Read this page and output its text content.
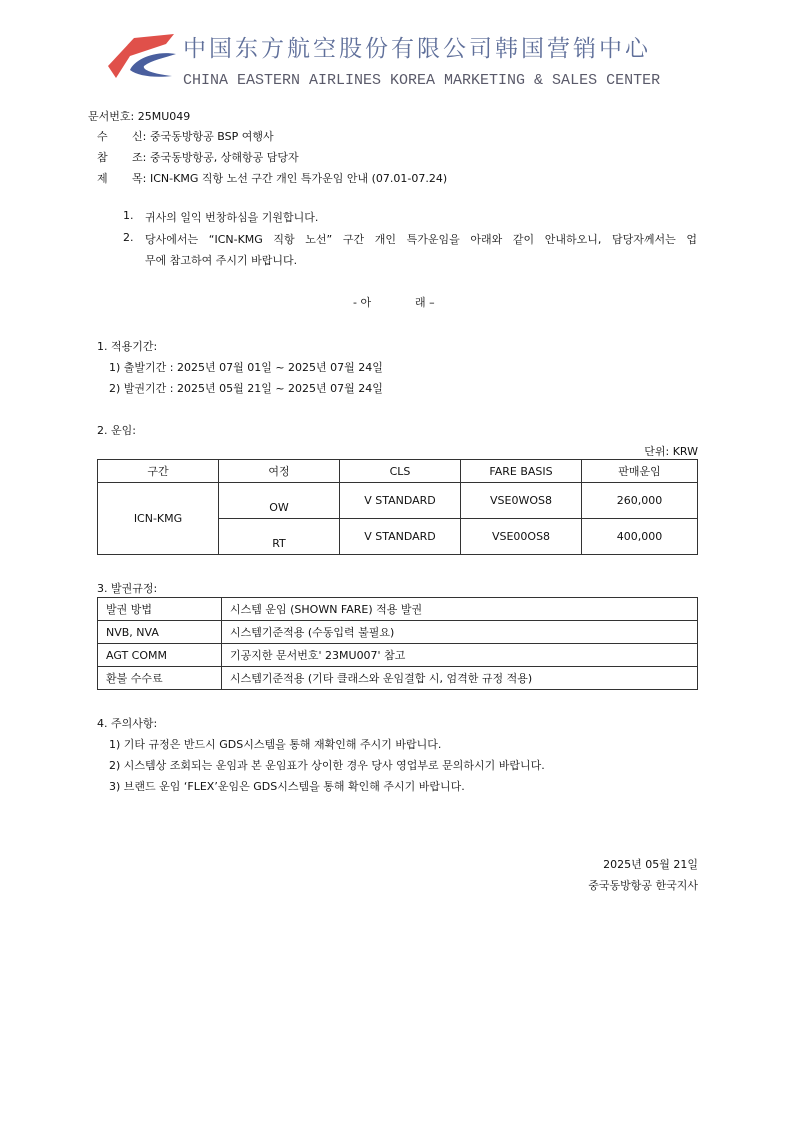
中国东方航空股份有限公司韩国营销中心
CHINA EASTERN AIRLINES KOREA MARKETING & SALES CENTER
문서번호: 25MU049
수 신: 중국동방항공 BSP 여행사
참 조: 중국동방항공, 상해항공 담당자
제 목: ICN-KMG 직항 노선 구간 개인 특가운임 안내 (07.01-07.24)
1. 귀사의 일익 번창하심을 기원합니다.
2. 당사에서는 “ICN-KMG 직항 노선” 구간 개인 특가운임을 아래와 같이 안내하오니, 담당자께서는 업
무에 참고하여 주시기 바랍니다.
- 아	래 –
1. 적용기간:
1) 출발기간 : 2025년 07월 01일 ~ 2025년 07월 24일
2) 발권기간 : 2025년 05월 21일 ~ 2025년 07월 24일
2. 운임:
단위: KRW
구간	여정	CLS	FARE BASIS	판매운임
ICN-KMG	OW	V STANDARD	VSE0WOS8	260,000
	RT	V STANDARD	VSE00OS8	400,000
3. 발권규정:
발권 방법	시스템 운임 (SHOWN FARE) 적용 발권
NVB, NVA	시스템기준적용 (수동입력 불필요)
AGT COMM	기공지한 문서번호' 23MU007' 참고
환불 수수료	시스템기준적용 (기타 클래스와 운임결합 시, 엄격한 규정 적용)
4. 주의사항:
1) 기타 규정은 반드시 GDS시스템을 통해 재확인해 주시기 바랍니다.
2) 시스템상 조회되는 운임과 본 운임표가 상이한 경우 당사 영업부로 문의하시기 바랍니다.
3) 브랜드 운임 ‘FLEX’운임은 GDS시스템을 통해 확인해 주시기 바랍니다.
2025년 05월 21일
중국동방항공 한국지사
